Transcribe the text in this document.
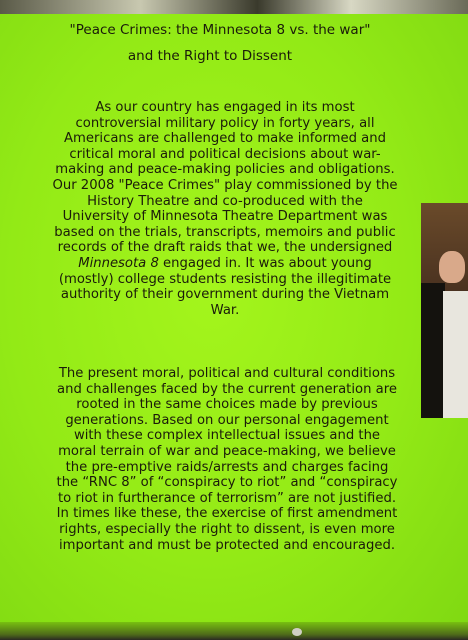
"Peace Crimes: the Minnesota 8 vs. the war"

and the Right to Dissent

As our country has engaged in its most controversial military policy in forty years, all Americans are challenged to make informed and critical moral and political decisions about war-making and peace-making policies and obligations. Our 2008 "Peace Crimes" play commissioned by the History Theatre and co-produced with the University of Minnesota Theatre Department was based on the trials, transcripts, memoirs and public records of the draft raids that we, the undersigned Minnesota 8 engaged in. It was about young (mostly) college students resisting the illegitimate authority of their government during the Vietnam War.

The present moral, political and cultural conditions and challenges faced by the current generation are rooted in the same choices made by previous generations. Based on our personal engagement with these complex intellectual issues and the moral terrain of war and peace-making, we believe the pre-emptive raids/arrests and charges facing the “RNC 8” of “conspiracy to riot” and “conspiracy to riot in furtherance of terrorism” are not justified. In times like these, the exercise of first amendment rights, especially the right to dissent, is even more important and must be protected and encouraged.
